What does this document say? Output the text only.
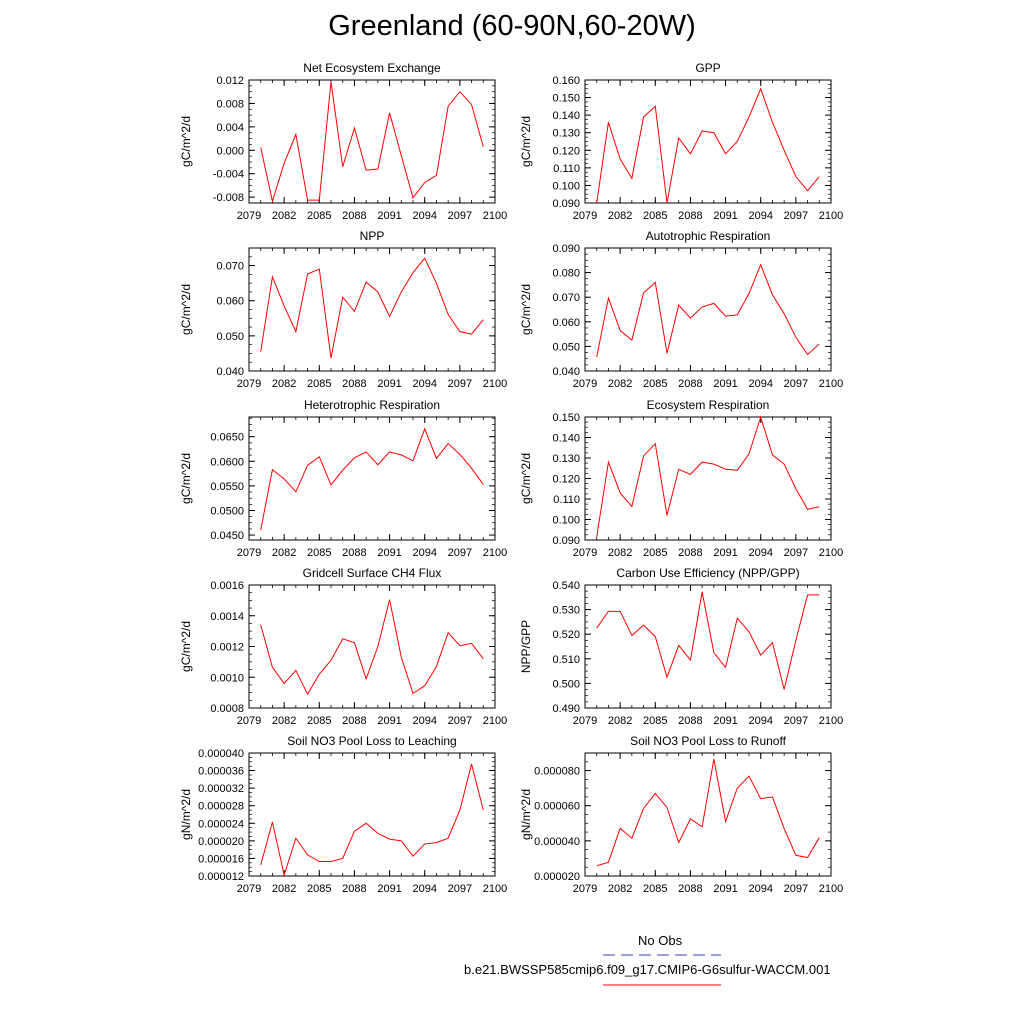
Greenland (60-90N,60-20W)
2079 2082 2085 2088 2091 2094 2097 2100
-0.008
-0.004
0.000
0.004
0.008
0.012
Net Ecosystem Exchange
gC/m^2/d
2079 2082 2085 2088 2091 2094 2097 2100
0.090
0.100
0.110
0.120
0.130
0.140
0.150
0.160
GPP
gC/m^2/d
2079 2082 2085 2088 2091 2094 2097 2100
0.040
0.050
0.060
0.070
NPP
gC/m^2/d
2079 2082 2085 2088 2091 2094 2097 2100
0.040
0.050
0.060
0.070
0.080
0.090
Autotrophic Respiration
gC/m^2/d
2079 2082 2085 2088 2091 2094 2097 2100
0.0450
0.0500
0.0550
0.0600
0.0650
Heterotrophic Respiration
gC/m^2/d
2079 2082 2085 2088 2091 2094 2097 2100
0.090
0.100
0.110
0.120
0.130
0.140
0.150
Ecosystem Respiration
gC/m^2/d
2079 2082 2085 2088 2091 2094 2097 2100
0.0008
0.0010
0.0012
0.0014
0.0016
Gridcell Surface CH4 Flux
gC/m^2/d
2079 2082 2085 2088 2091 2094 2097 2100
0.490
0.500
0.510
0.520
0.530
0.540
Carbon Use Efficiency (NPP/GPP)
NPP/GPP
2079 2082 2085 2088 2091 2094 2097 2100
0.000012
0.000016
0.000020
0.000024
0.000028
0.000032
0.000036
0.000040
Soil NO3 Pool Loss to Leaching
gN/m^2/d
2079 2082 2085 2088 2091 2094 2097 2100
0.000020
0.000040
0.000060
0.000080
Soil NO3 Pool Loss to Runoff
gN/m^2/d
No Obs
b.e21.BWSSP585cmip6.f09_g17.CMIP6-G6sulfur-WACCM.001
